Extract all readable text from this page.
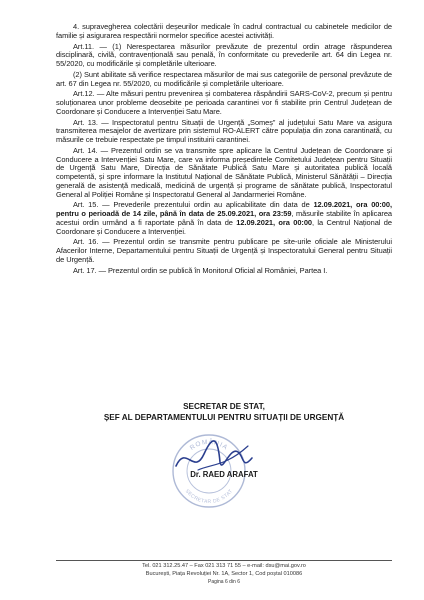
4. supravegherea colectării deșeurilor medicale în cadrul contractual cu cabinetele medicilor de familie și asigurarea respectării normelor specifice acestei activități.

Art.11. — (1) Nerespectarea măsurilor prevăzute de prezentul ordin atrage răspunderea disciplinară, civilă, contravențională sau penală, în conformitate cu prevederile art. 64 din Legea nr. 55/2020, cu modificările și completările ulterioare.

(2) Sunt abilitate să verifice respectarea măsurilor de mai sus categoriile de personal prevăzute de art. 67 din Legea nr. 55/2020, cu modificările și completările ulterioare.

Art.12. — Alte măsuri pentru prevenirea și combaterea răspândirii SARS-CoV-2, precum și pentru soluționarea unor probleme deosebite pe perioada carantinei vor fi stabilite prin Centrul Județean de Coordonare și Conducere a Intervenției Satu Mare.

Art. 13. — Inspectoratul pentru Situații de Urgență „Someș” al județului Satu Mare va asigura transmiterea mesajelor de avertizare prin sistemul RO-ALERT către populația din zona carantinată, cu măsurile ce trebuie respectate pe timpul instituirii carantinei.

Art. 14. — Prezentul ordin se va transmite spre aplicare la Centrul Județean de Coordonare și Conducere a Intervenției Satu Mare, care va informa președintele Comitetului Județean pentru Situații de Urgență Satu Mare, Direcția de Sănătate Publică Satu Mare și autoritatea publică locală competentă, și spre informare la Institutul Național de Sănătate Publică, Ministerul Sănătății – Direcția generală de asistență medicală, medicină de urgență și programe de sănătate publică, Inspectoratul General al Poliției Române și Inspectoratul General al Jandarmeriei Române.

Art. 15. — Prevederile prezentului ordin au aplicabilitate din data de 12.09.2021, ora 00:00, pentru o perioadă de 14 zile, până în data de 25.09.2021, ora 23:59, măsurile stabilite în aplicarea acestui ordin urmând a fi raportate până în data de 12.09.2021, ora 00:00, la Centrul Național de Coordonare și Conducere a Intervenției.

Art. 16. — Prezentul ordin se transmite pentru publicare pe site-urile oficiale ale Ministerului Afacerilor Interne, Departamentului pentru Situații de Urgență și Inspectoratului General pentru Situații de Urgență.

Art. 17. — Prezentul ordin se publică în Monitorul Oficial al României, Partea I.

SECRETAR DE STAT,
ȘEF AL DEPARTAMENTULUI PENTRU SITUAȚII DE URGENȚĂ
ROMÂNIA
SECRETAR DE STAT
Dr. RAED ARAFAT
Tel. 021 312.25.47 – Fax 021 313 71 55 – e-mail: dsu@mai.gov.ro
București, Piața Revoluției Nr. 1A, Sector 1, Cod poștal 010086
Pagina 6 din 6
